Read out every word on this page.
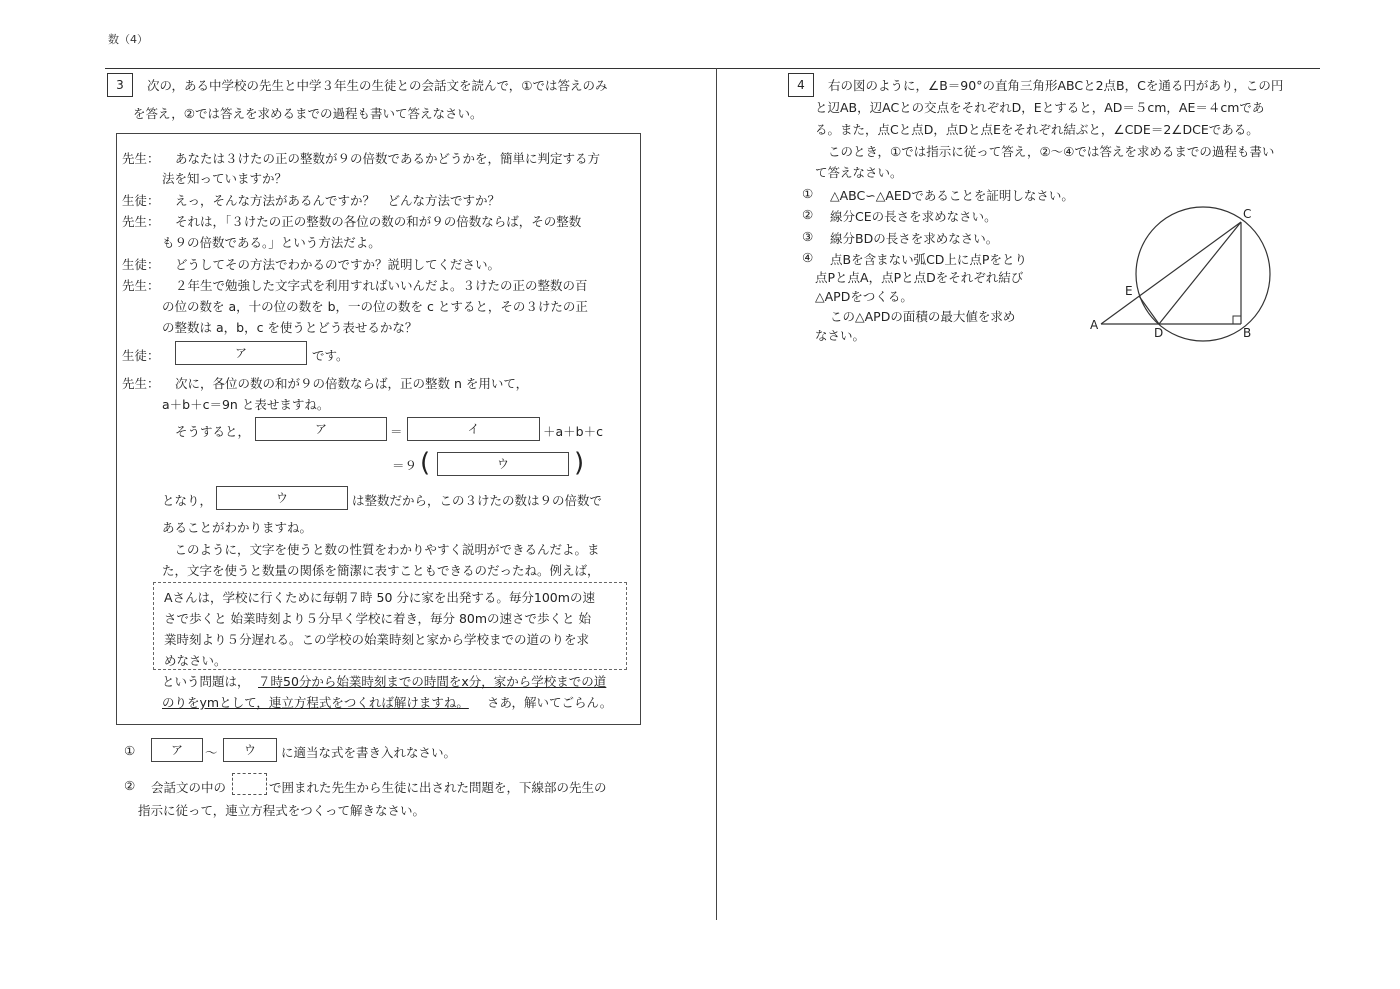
数（4）
3	次の，ある中学校の先生と中学３年生の生徒との会話文を読んで，①では答えのみ
を答え，②では答えを求めるまでの過程も書いて答えなさい。
先生： あなたは３けたの正の整数が９の倍数であるかどうかを，簡単に判定する方
法を知っていますか？
生徒： えっ，そんな方法があるんですか？　どんな方法ですか？
先生： それは，「３けたの正の整数の各位の数の和が９の倍数ならば，その整数
も９の倍数である。」という方法だよ。
生徒： どうしてその方法でわかるのですか？説明してください。
先生： ２年生で勉強した文字式を利用すればいいんだよ。３けたの正の整数の百
の位の数を a，十の位の数を b，一の位の数を c とすると，その３けたの正
の整数は a，b，c を使うとどう表せるかな？
生徒：	ア	です。
先生： 次に，各位の数の和が９の倍数ならば，正の整数 n を用いて，
a＋b＋c＝9n と表せますね。
そうすると，	ア	＝	イ	＋a＋b＋c
＝９ (	ウ	)
となり，	ウ	は整数だから，この３けたの数は９の倍数で
あることがわかりますね。
　このように，文字を使うと数の性質をわかりやすく説明ができるんだよ。ま
た，文字を使うと数量の関係を簡潔に表すこともできるのだったね。例えば，
Aさんは，学校に行くために毎朝７時 50 分に家を出発する。毎分100mの速
さで歩くと 始業時刻より５分早く学校に着き，毎分 80mの速さで歩くと 始
業時刻より５分遅れる。この学校の始業時刻と家から学校までの道のりを求
めなさい。
という問題は， ７時50分から始業時刻までの時間をx分，家から学校までの道
のりをymとして，連立方程式をつくれば解けますね。 さあ，解いてごらん。
①	ア	〜	ウ	に適当な式を書き入れなさい。
② 会話文の中の	で囲まれた先生から生徒に出された問題を，下線部の先生の
指示に従って，連立方程式をつくって解きなさい。
4	右の図のように，∠B＝90°の直角三角形ABCと2点B，Cを通る円があり，この円
と辺AB，辺ACとの交点をそれぞれD，Eとすると，AD＝５cm，AE＝４cmであ
る。また，点Cと点D，点Dと点Eをそれぞれ結ぶと，∠CDE＝2∠DCEである。
このとき，①では指示に従って答え，②〜④では答えを求めるまでの過程も書い
て答えなさい。
① △ABC∽△AEDであることを証明しなさい。
② 線分CEの長さを求めなさい。
③ 線分BDの長さを求めなさい。
④ 点Bを含まない弧CD上に点Pをとり
点Pと点A，点Pと点Dをそれぞれ結び
△APDをつくる。
この△APDの面積の最大値を求め
なさい。
A
B
C
D
E
